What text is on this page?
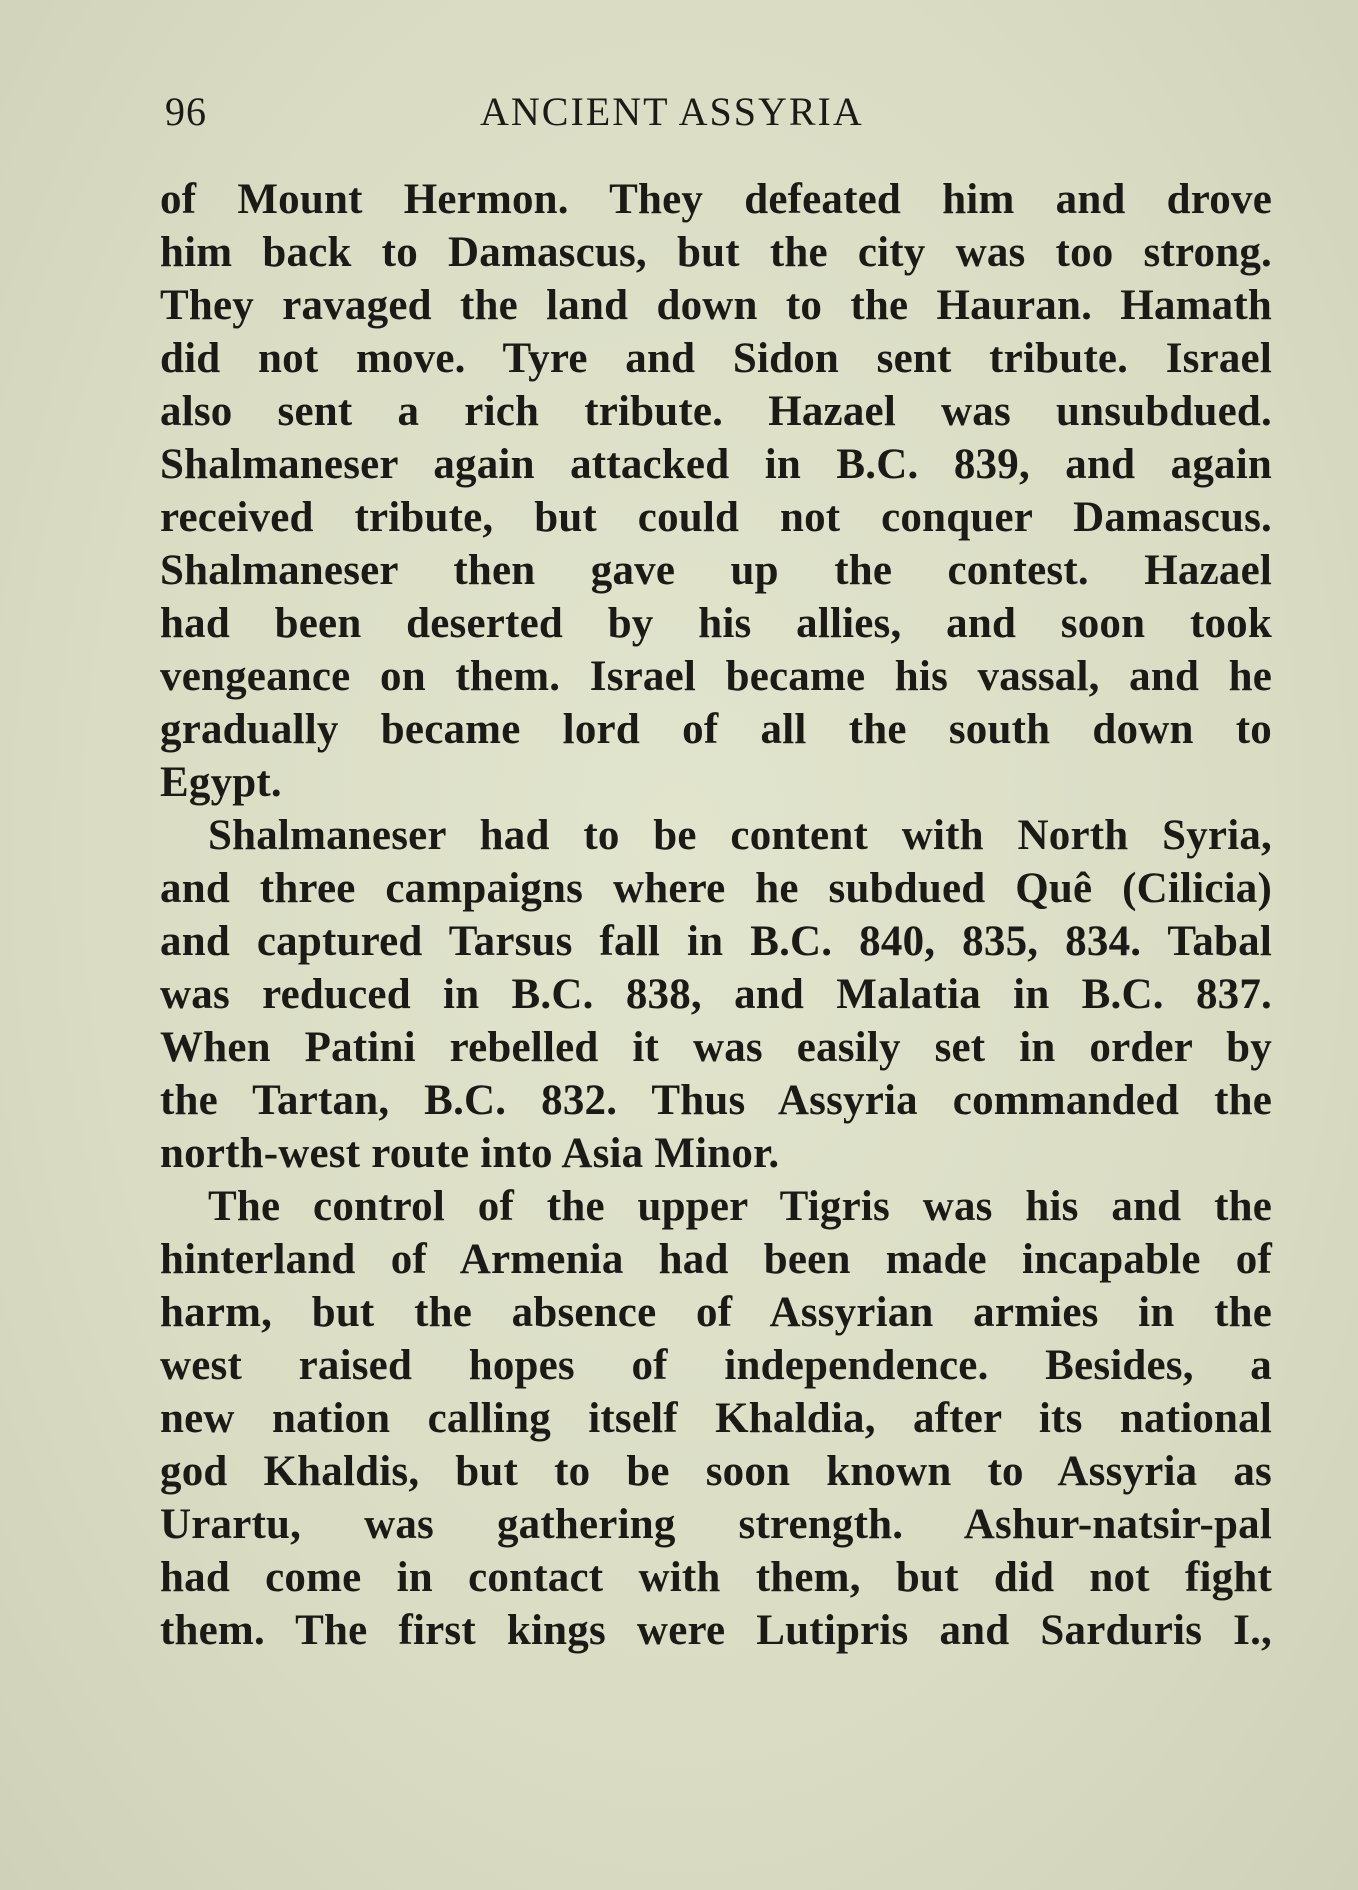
96	ANCIENT ASSYRIA
of Mount Hermon. They defeated him and drove
him back to Damascus, but the city was too strong.
They ravaged the land down to the Hauran. Hamath
did not move. Tyre and Sidon sent tribute. Israel
also sent a rich tribute. Hazael was unsubdued.
Shalmaneser again attacked in B.C. 839, and again
received tribute, but could not conquer Damascus.
Shalmaneser then gave up the contest. Hazael
had been deserted by his allies, and soon took
vengeance on them. Israel became his vassal, and he
gradually became lord of all the south down to
Egypt.
Shalmaneser had to be content with North Syria,
and three campaigns where he subdued Quê (Cilicia)
and captured Tarsus fall in B.C. 840, 835, 834. Tabal
was reduced in B.C. 838, and Malatia in B.C. 837.
When Patini rebelled it was easily set in order by
the Tartan, B.C. 832. Thus Assyria commanded the
north-west route into Asia Minor.
The control of the upper Tigris was his and the
hinterland of Armenia had been made incapable of
harm, but the absence of Assyrian armies in the
west raised hopes of independence. Besides, a
new nation calling itself Khaldia, after its national
god Khaldis, but to be soon known to Assyria as
Urartu, was gathering strength. Ashur-natsir-pal
had come in contact with them, but did not fight
them. The first kings were Lutipris and Sarduris I.,
